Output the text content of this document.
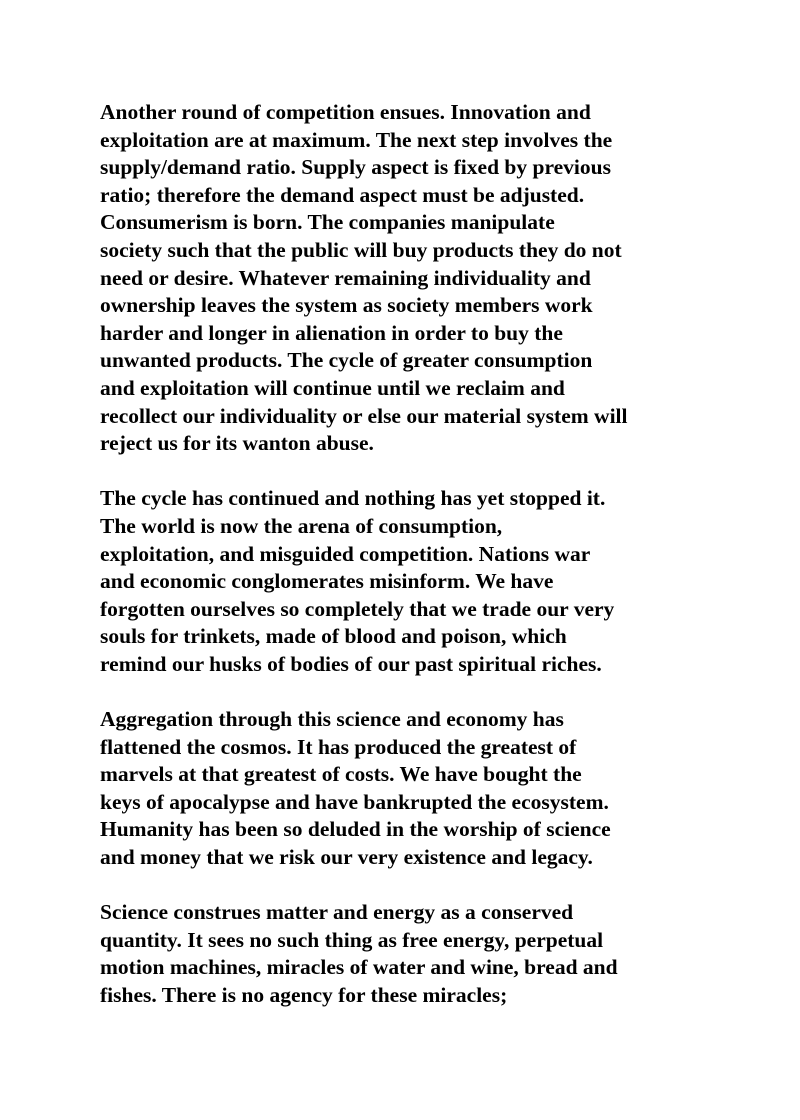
Another round of competition ensues. Innovation and
exploitation are at maximum. The next step involves the
supply/demand ratio. Supply aspect is fixed by previous
ratio; therefore the demand aspect must be adjusted.
Consumerism is born. The companies manipulate
society such that the public will buy products they do not
need or desire. Whatever remaining individuality and
ownership leaves the system as society members work
harder and longer in alienation in order to buy the
unwanted products. The cycle of greater consumption
and exploitation will continue until we reclaim and
recollect our individuality or else our material system will
reject us for its wanton abuse.

The cycle has continued and nothing has yet stopped it.
The world is now the arena of consumption,
exploitation, and misguided competition. Nations war
and economic conglomerates misinform. We have
forgotten ourselves so completely that we trade our very
souls for trinkets, made of blood and poison, which
remind our husks of bodies of our past spiritual riches.

Aggregation through this science and economy has
flattened the cosmos. It has produced the greatest of
marvels at that greatest of costs. We have bought the
keys of apocalypse and have bankrupted the ecosystem.
Humanity has been so deluded in the worship of science
and money that we risk our very existence and legacy.

Science construes matter and energy as a conserved
quantity. It sees no such thing as free energy, perpetual
motion machines, miracles of water and wine, bread and
fishes. There is no agency for these miracles;
